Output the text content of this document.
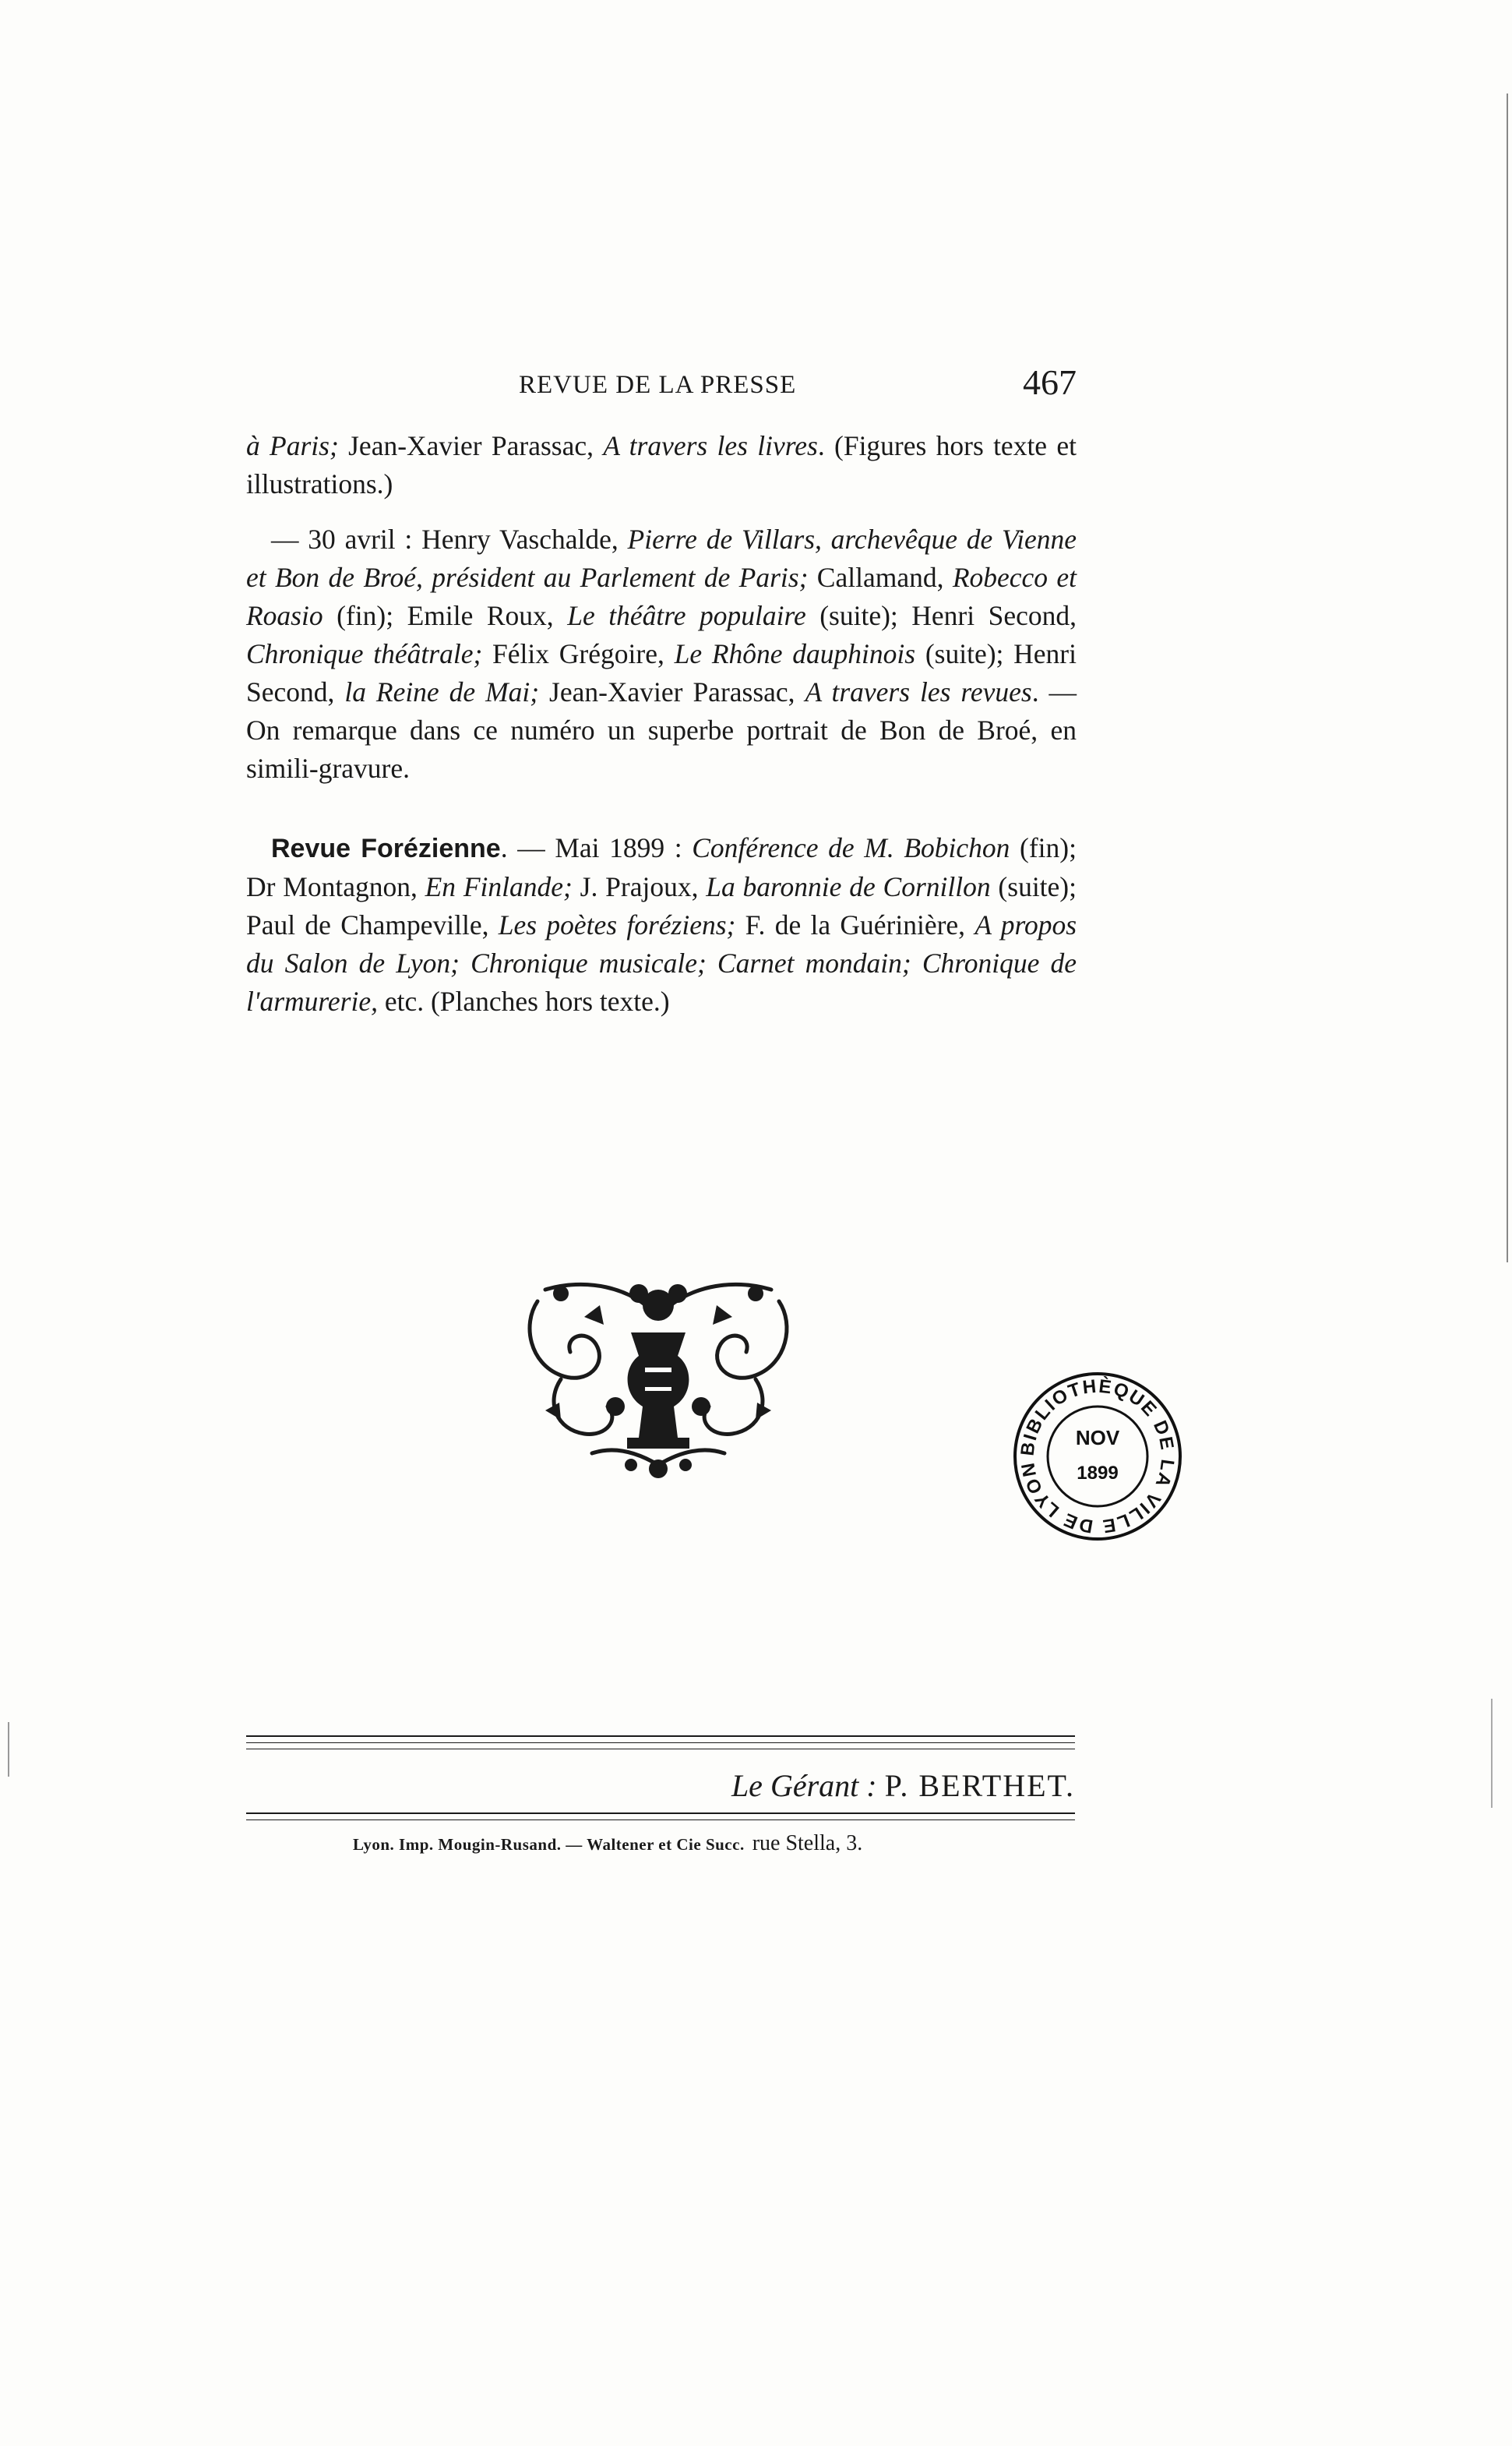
REVUE DE LA PRESSE	467

à Paris; Jean-Xavier Parassac, A travers les livres. (Figures hors texte et illustrations.)

— 30 avril : Henry Vaschalde, Pierre de Villars, archevêque de Vienne et Bon de Broé, président au Parlement de Paris; Callamand, Robecco et Roasio (fin); Emile Roux, Le théâtre populaire (suite); Henri Second, Chronique théâtrale; Félix Grégoire, Le Rhône dauphinois (suite); Henri Second, la Reine de Mai; Jean-Xavier Parassac, A travers les revues. — On remarque dans ce numéro un superbe portrait de Bon de Broé, en simili-gravure.

Revue Forézienne. — Mai 1899 : Conférence de M. Bobichon (fin); Dr Montagnon, En Finlande; J. Prajoux, La baronnie de Cornillon (suite); Paul de Champeville, Les poètes foréziens; F. de la Guérinière, A propos du Salon de Lyon; Chronique musicale; Carnet mondain; Chronique de l'armurerie, etc. (Planches hors texte.)

BIBLIOTHÈQUE DE LA VILLE DE LYON
NOV
1899
Le Gérant : P. BERTHET.
Lyon. Imp. Mougin-Rusand. — Waltener et Cie Succ. rue Stella, 3.
